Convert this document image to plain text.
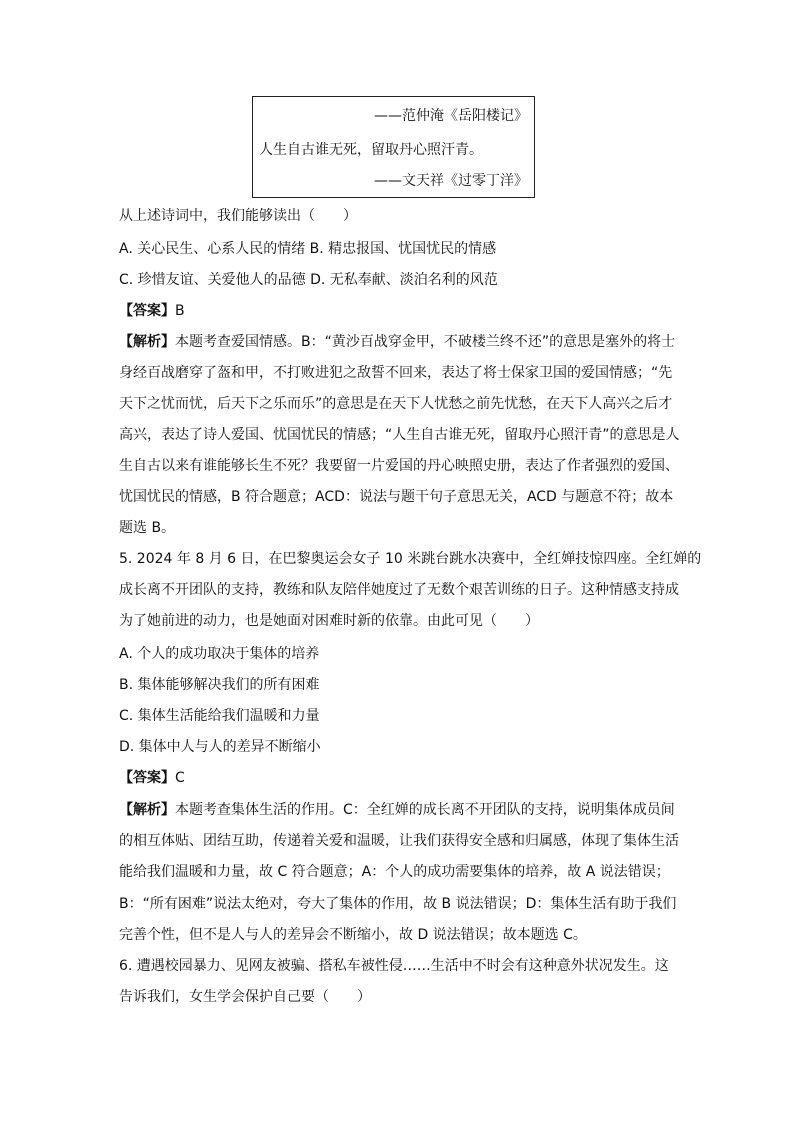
——范仲淹《岳阳楼记》
人生自古谁无死，留取丹心照汗青。
——文天祥《过零丁洋》
从上述诗词中，我们能够读出（　　）
A. 关心民生、心系人民的情绪 B. 精忠报国、忧国忧民的情感
C. 珍惜友谊、关爱他人的品德 D. 无私奉献、淡泊名利的风范
【答案】B
【解析】本题考查爱国情感。B：“黄沙百战穿金甲，不破楼兰终不还”的意思是塞外的将士
身经百战磨穿了盔和甲，不打败进犯之敌誓不回来，表达了将士保家卫国的爱国情感；“先
天下之忧而忧，后天下之乐而乐”的意思是在天下人忧愁之前先忧愁，在天下人高兴之后才
高兴，表达了诗人爱国、忧国忧民的情感；“人生自古谁无死，留取丹心照汗青”的意思是人
生自古以来有谁能够长生不死？我要留一片爱国的丹心映照史册，表达了作者强烈的爱国、
忧国忧民的情感，B 符合题意；ACD：说法与题干句子意思无关，ACD 与题意不符；故本
题选 B。
5. 2024 年 8 月 6 日，在巴黎奥运会女子 10 米跳台跳水决赛中，全红婵技惊四座。全红婵的
成长离不开团队的支持，教练和队友陪伴她度过了无数个艰苦训练的日子。这种情感支持成
为了她前进的动力，也是她面对困难时新的依靠。由此可见（　　）
A. 个人的成功取决于集体的培养
B. 集体能够解决我们的所有困难
C. 集体生活能给我们温暖和力量
D. 集体中人与人的差异不断缩小
【答案】C
【解析】本题考查集体生活的作用。C：全红婵的成长离不开团队的支持，说明集体成员间
的相互体贴、团结互助，传递着关爱和温暖，让我们获得安全感和归属感，体现了集体生活
能给我们温暖和力量，故 C 符合题意；A：个人的成功需要集体的培养，故 A 说法错误；
B：“所有困难”说法太绝对，夸大了集体的作用，故 B 说法错误；D：集体生活有助于我们
完善个性，但不是人与人的差异会不断缩小，故 D 说法错误；故本题选 C。
6. 遭遇校园暴力、见网友被骗、搭私车被性侵……生活中不时会有这种意外状况发生。这
告诉我们，女生学会保护自己要（　　）
